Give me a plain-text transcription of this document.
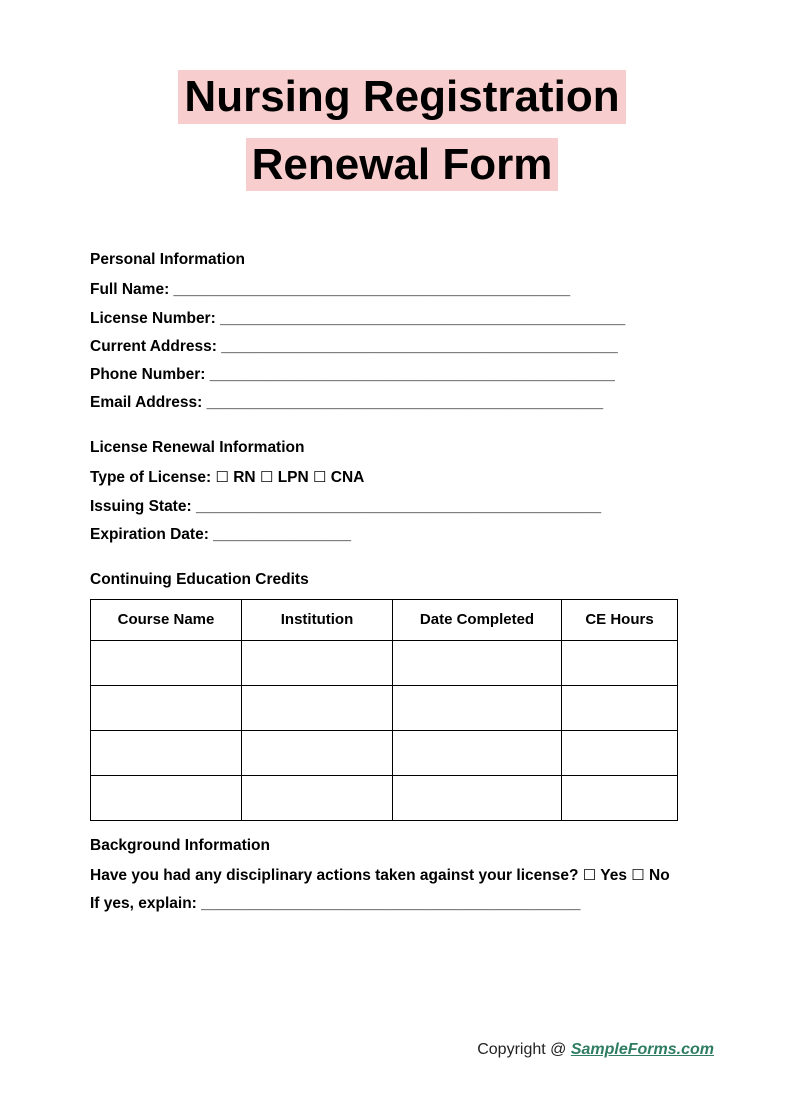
Nursing Registration
Renewal Form
Personal Information
Full Name: ______________________________________________
License Number: _______________________________________________
Current Address: ______________________________________________
Phone Number: _______________________________________________
Email Address: ______________________________________________
License Renewal Information
Type of License: ☐ RN ☐ LPN ☐ CNA
Issuing State: _______________________________________________
Expiration Date: ________________
Continuing Education Credits
Course Name	Institution	Date Completed	CE Hours

Background Information
Have you had any disciplinary actions taken against your license? ☐ Yes ☐ No
If yes, explain: ____________________________________________
Copyright @ SampleForms.com
